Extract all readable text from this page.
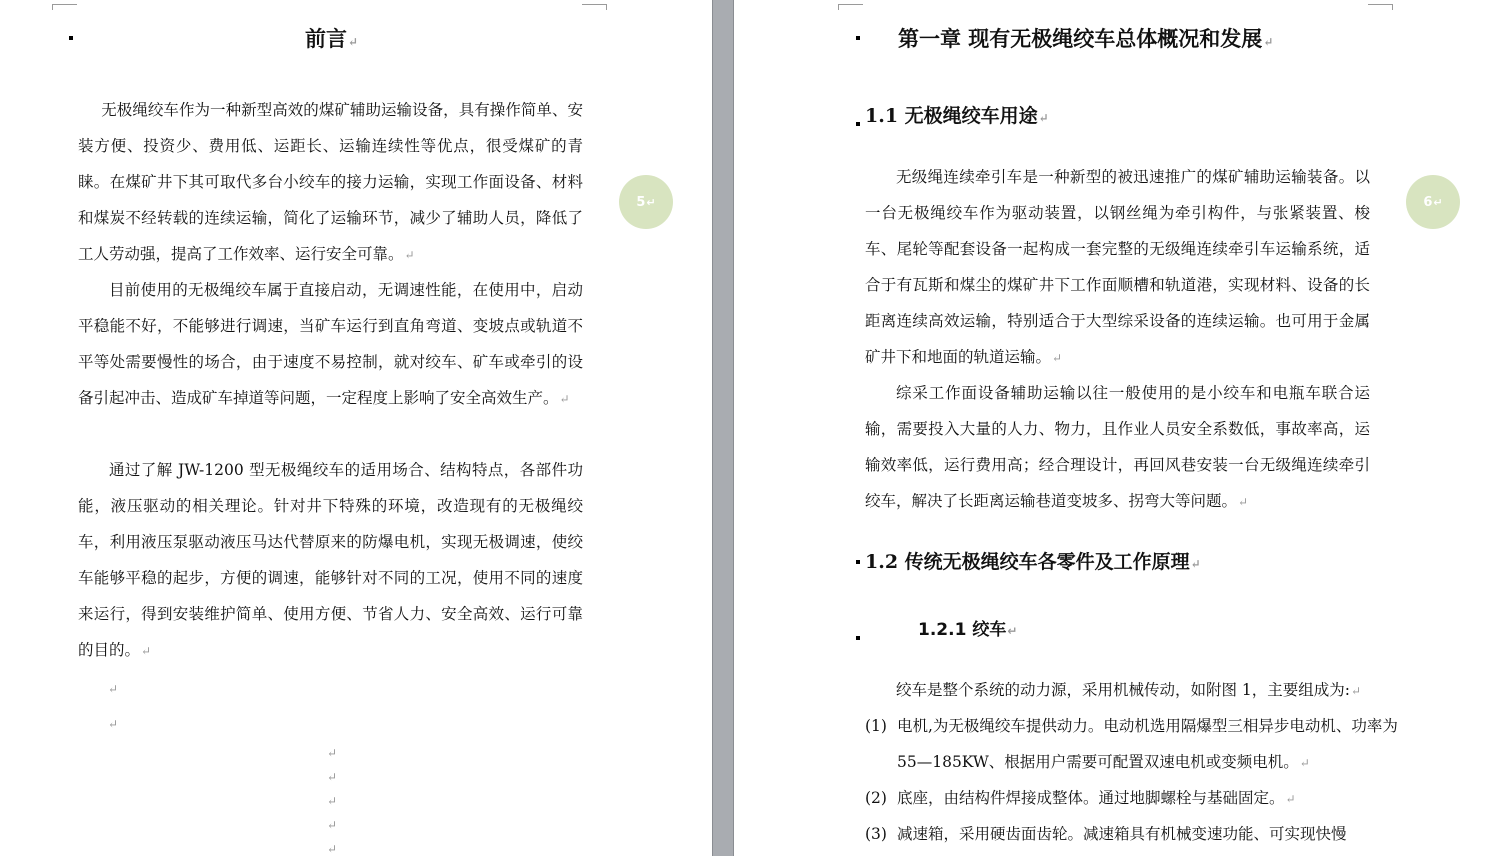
前言↵

无极绳绞车作为一种新型高效的煤矿辅助运输设备，具有操作简单、安装方便、投资少、费用低、运距长、运输连续性等优点，很受煤矿的青睐。在煤矿井下其可取代多台小绞车的接力运输，实现工作面设备、材料和煤炭不经转载的连续运输，简化了运输环节，减少了辅助人员，降低了工人劳动强，提高了工作效率、运行安全可靠。↵

目前使用的无极绳绞车属于直接启动，无调速性能，在使用中，启动平稳能不好，不能够进行调速，当矿车运行到直角弯道、变坡点或轨道不平等处需要慢性的场合，由于速度不易控制，就对绞车、矿车或牵引的设备引起冲击、造成矿车掉道等问题，一定程度上影响了安全高效生产。↵

通过了解 JW-1200 型无极绳绞车的适用场合、结构特点，各部件功能，液压驱动的相关理论。针对井下特殊的环境，改造现有的无极绳绞车，利用液压泵驱动液压马达代替原来的防爆电机，实现无极调速，使绞车能够平稳的起步，方便的调速，能够针对不同的工况，使用不同的速度来运行，得到安装维护简单、使用方便、节省人力、安全高效、运行可靠的目的。↵

↵
↵
↵
↵
↵
↵
↵
5 ↵
第一章 现有无极绳绞车总体概况和发展↵
1.1 无极绳绞车用途↵

无级绳连续牵引车是一种新型的被迅速推广的煤矿辅助运输装备。以一台无极绳绞车作为驱动装置，以钢丝绳为牵引构件，与张紧装置、梭车、尾轮等配套设备一起构成一套完整的无级绳连续牵引车运输系统，适合于有瓦斯和煤尘的煤矿井下工作面顺槽和轨道港，实现材料、设备的长距离连续高效运输，特别适合于大型综采设备的连续运输。也可用于金属矿井下和地面的轨道运输。↵

综采工作面设备辅助运输以往一般使用的是小绞车和电瓶车联合运输，需要投入大量的人力、物力，且作业人员安全系数低，事故率高，运输效率低，运行费用高；经合理设计，再回风巷安装一台无级绳连续牵引绞车，解决了长距离运输巷道变坡多、拐弯大等问题。↵

1.2 传统无极绳绞车各零件及工作原理↵
1.2.1 绞车↵

绞车是整个系统的动力源，采用机械传动，如附图 1，主要组成为:↵

(1) 电机,为无极绳绞车提供动力。电动机选用隔爆型三相异步电动机、功率为 55—185KW、根据用户需要可配置双速电机或变频电机。↵

(2) 底座，由结构件焊接成整体。通过地脚螺栓与基础固定。↵

(3) 减速箱，采用硬齿面齿轮。减速箱具有机械变速功能、可实现快慢

6 ↵
